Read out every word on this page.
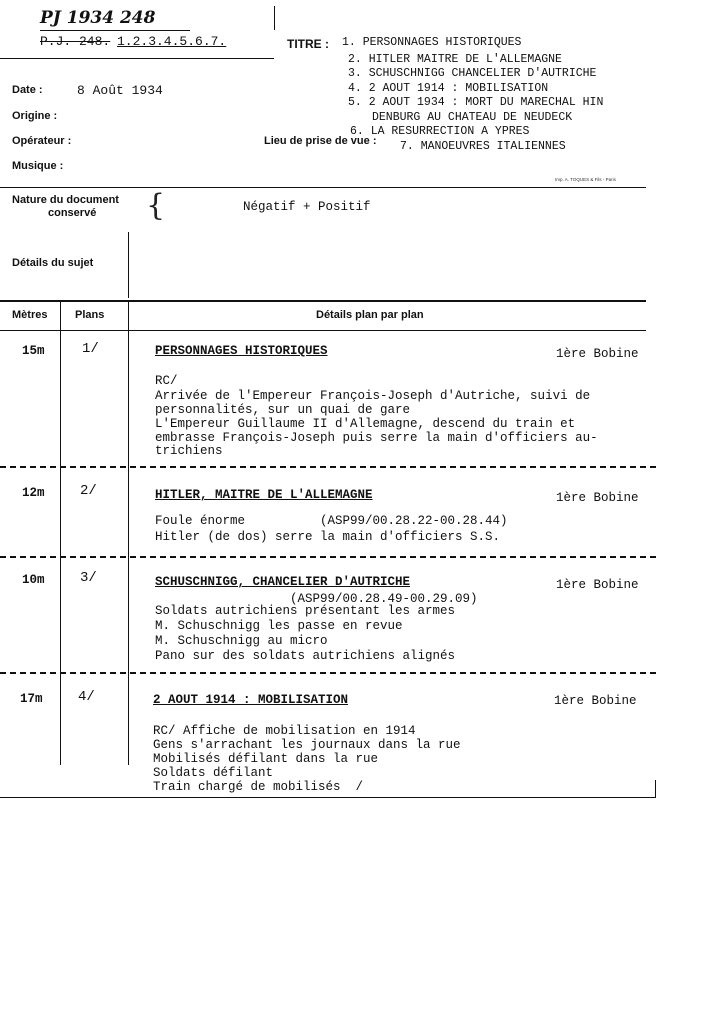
PJ 1934 248
P.J. 248. 1.2.3.4.5.6.7.	TITRE : 1. PERSONNAGES HISTORIQUES
2. HITLER MAITRE DE L'ALLEMAGNE
3. SCHUSCHNIGG CHANCELIER D'AUTRICHE
4. 2 AOUT 1914 : MOBILISATION
5. 2 AOUT 1934 : MORT DU MARECHAL HIN
DENBURG AU CHATEAU DE NEUDECK
6. LA RESURRECTION A YPRES
7. MANOEUVRES ITALIENNES
Date :	8 Août 1934
Origine :
Opérateur :	Lieu de prise de vue :
Musique :
Imp. A. TOQUES & Fils - Paris
Nature du document
conservé {	Négatif + Positif
Détails du sujet
Mètres	Plans	Détails plan par plan
15m	1/	PERSONNAGES HISTORIQUES	1ère Bobine
RC/
Arrivée de l'Empereur François-Joseph d'Autriche, suivi de
personnalités, sur un quai de gare
L'Empereur Guillaume II d'Allemagne, descend du train et
embrasse François-Joseph puis serre la main d'officiers au-
trichiens
12m	2/	HITLER, MAITRE DE L'ALLEMAGNE	1ère Bobine
Foule énorme          (ASP99/00.28.22-00.28.44)
Hitler (de dos) serre la main d'officiers S.S.
10m	3/	SCHUSCHNIGG, CHANCELIER D'AUTRICHE	1ère Bobine
(ASP99/00.28.49-00.29.09)
Soldats autrichiens présentant les armes
M. Schuschnigg les passe en revue
M. Schuschnigg au micro
Pano sur des soldats autrichiens alignés
17m	4/	2 AOUT 1914 : MOBILISATION	1ère Bobine
RC/ Affiche de mobilisation en 1914
Gens s'arrachant les journaux dans la rue
Mobilisés défilant dans la rue
Soldats défilant
Train chargé de mobilisés  /
